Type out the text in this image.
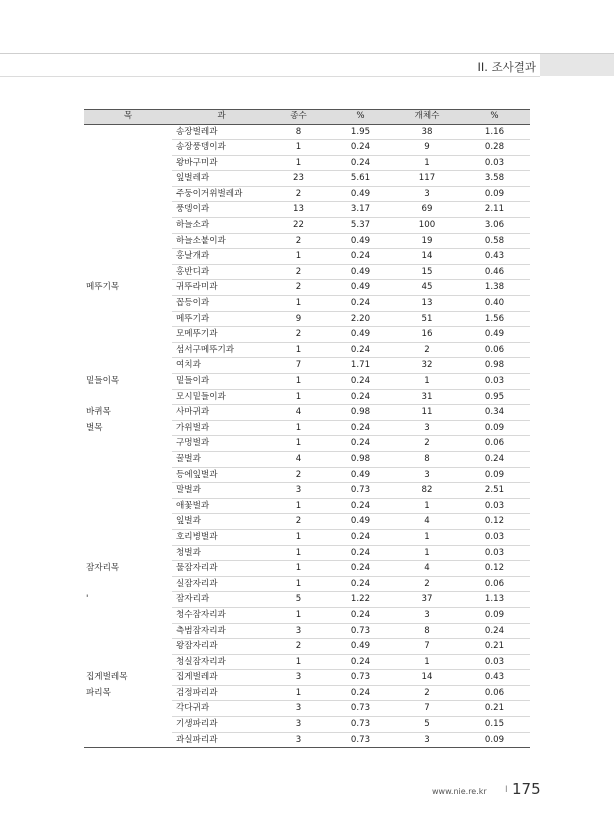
II. 조사결과
목	과	종수	%	개체수	%
	송장벌레과	8	1.95	38	1.16
	송장풍뎅이과	1	0.24	9	0.28
	왕바구미과	1	0.24	1	0.03
	잎벌레과	23	5.61	117	3.58
	주둥이거위벌레과	2	0.49	3	0.09
	풍뎅이과	13	3.17	69	2.11
	하늘소과	22	5.37	100	3.06
	하늘소붙이과	2	0.49	19	0.58
	홍날개과	1	0.24	14	0.43
	홍반디과	2	0.49	15	0.46
메뚜기목	귀뚜라미과	2	0.49	45	1.38
	꼽등이과	1	0.24	13	0.40
	메뚜기과	9	2.20	51	1.56
	모메뚜기과	2	0.49	16	0.49
	섬서구메뚜기과	1	0.24	2	0.06
	여치과	7	1.71	32	0.98
밑들이목	밑들이과	1	0.24	1	0.03
	모시밑들이과	1	0.24	31	0.95
바퀴목	사마귀과	4	0.98	11	0.34
벌목	가위벌과	1	0.24	3	0.09
	구멍벌과	1	0.24	2	0.06
	꿀벌과	4	0.98	8	0.24
	등에잎벌과	2	0.49	3	0.09
	말벌과	3	0.73	82	2.51
	애꽃벌과	1	0.24	1	0.03
	잎벌과	2	0.49	4	0.12
	호리병벌과	1	0.24	1	0.03
	청벌과	1	0.24	1	0.03
잠자리목	물잠자리과	1	0.24	4	0.12
	실잠자리과	1	0.24	2	0.06
'	잠자리과	5	1.22	37	1.13
	청수잠자리과	1	0.24	3	0.09
	측범잠자리과	3	0.73	8	0.24
	왕잠자리과	2	0.49	7	0.21
	청실잠자리과	1	0.24	1	0.03
집게벌레목	집게벌레과	3	0.73	14	0.43
파리목	검정파리과	1	0.24	2	0.06
	각다귀과	3	0.73	7	0.21
	기생파리과	3	0.73	5	0.15
	과실파리과	3	0.73	3	0.09
www.nie.re.kr I 175
